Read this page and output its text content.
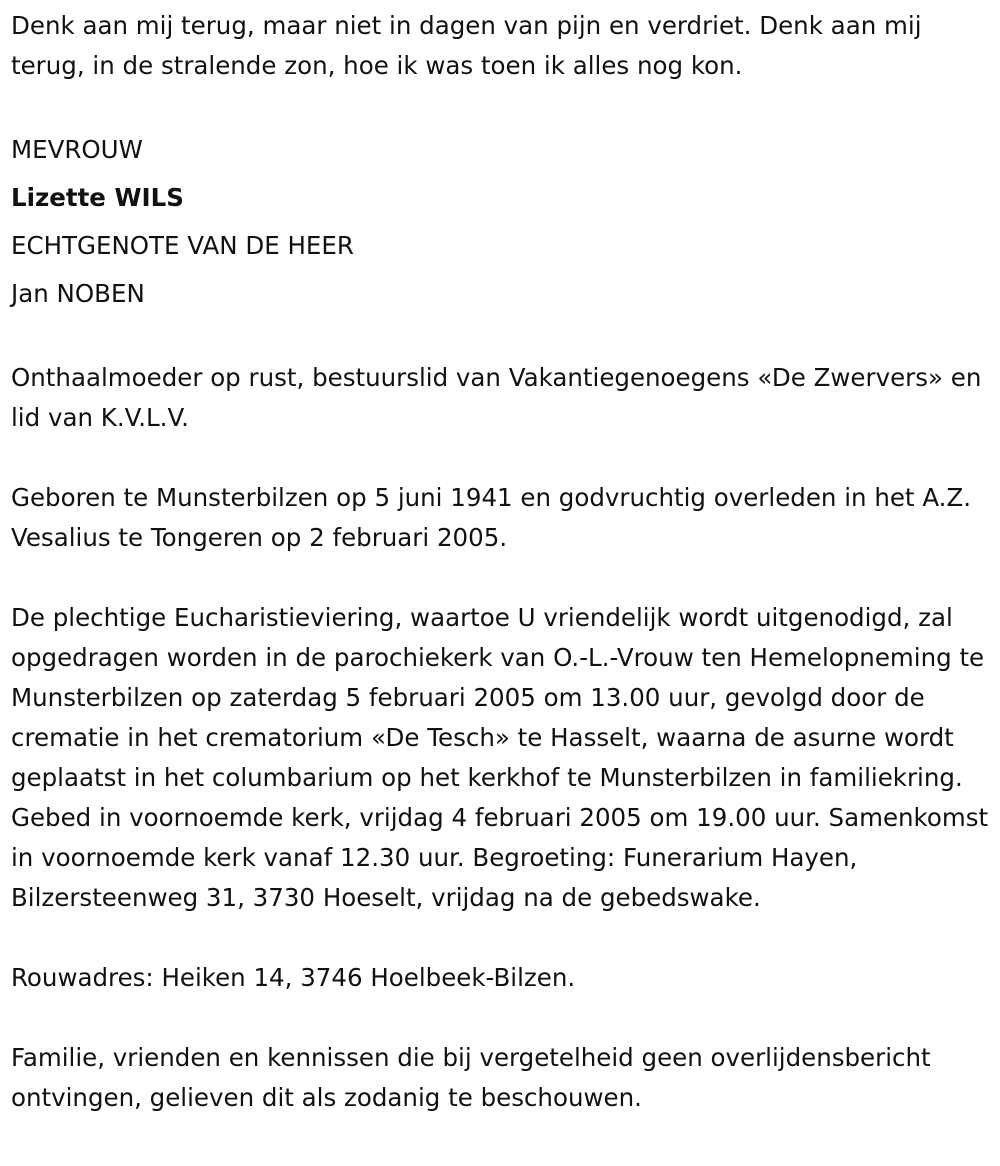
Denk aan mij terug, maar niet in dagen van pijn en verdriet. Denk aan mij terug, in de stralende zon, hoe ik was toen ik alles nog kon.

MEVROUW

Lizette WILS

ECHTGENOTE VAN DE HEER

Jan NOBEN

Onthaalmoeder op rust, bestuurslid van Vakantiegenoegens «De Zwervers» en lid van K.V.L.V.

Geboren te Munsterbilzen op 5 juni 1941 en godvruchtig overleden in het A.Z. Vesalius te Tongeren op 2 februari 2005.

De plechtige Eucharistieviering, waartoe U vriendelijk wordt uitgenodigd, zal opgedragen worden in de parochiekerk van O.-L.-Vrouw ten Hemelopneming te Munsterbilzen op zaterdag 5 februari 2005 om 13.00 uur, gevolgd door de crematie in het crematorium «De Tesch» te Hasselt, waarna de asurne wordt geplaatst in het columbarium op het kerkhof te Munsterbilzen in familiekring. Gebed in voornoemde kerk, vrijdag 4 februari 2005 om 19.00 uur. Samenkomst in voornoemde kerk vanaf 12.30 uur. Begroeting: Funerarium Hayen, Bilzersteenweg 31, 3730 Hoeselt, vrijdag na de gebedswake.

Rouwadres: Heiken 14, 3746 Hoelbeek-Bilzen.

Familie, vrienden en kennissen die bij vergetelheid geen overlijdensbericht ontvingen, gelieven dit als zodanig te beschouwen.
